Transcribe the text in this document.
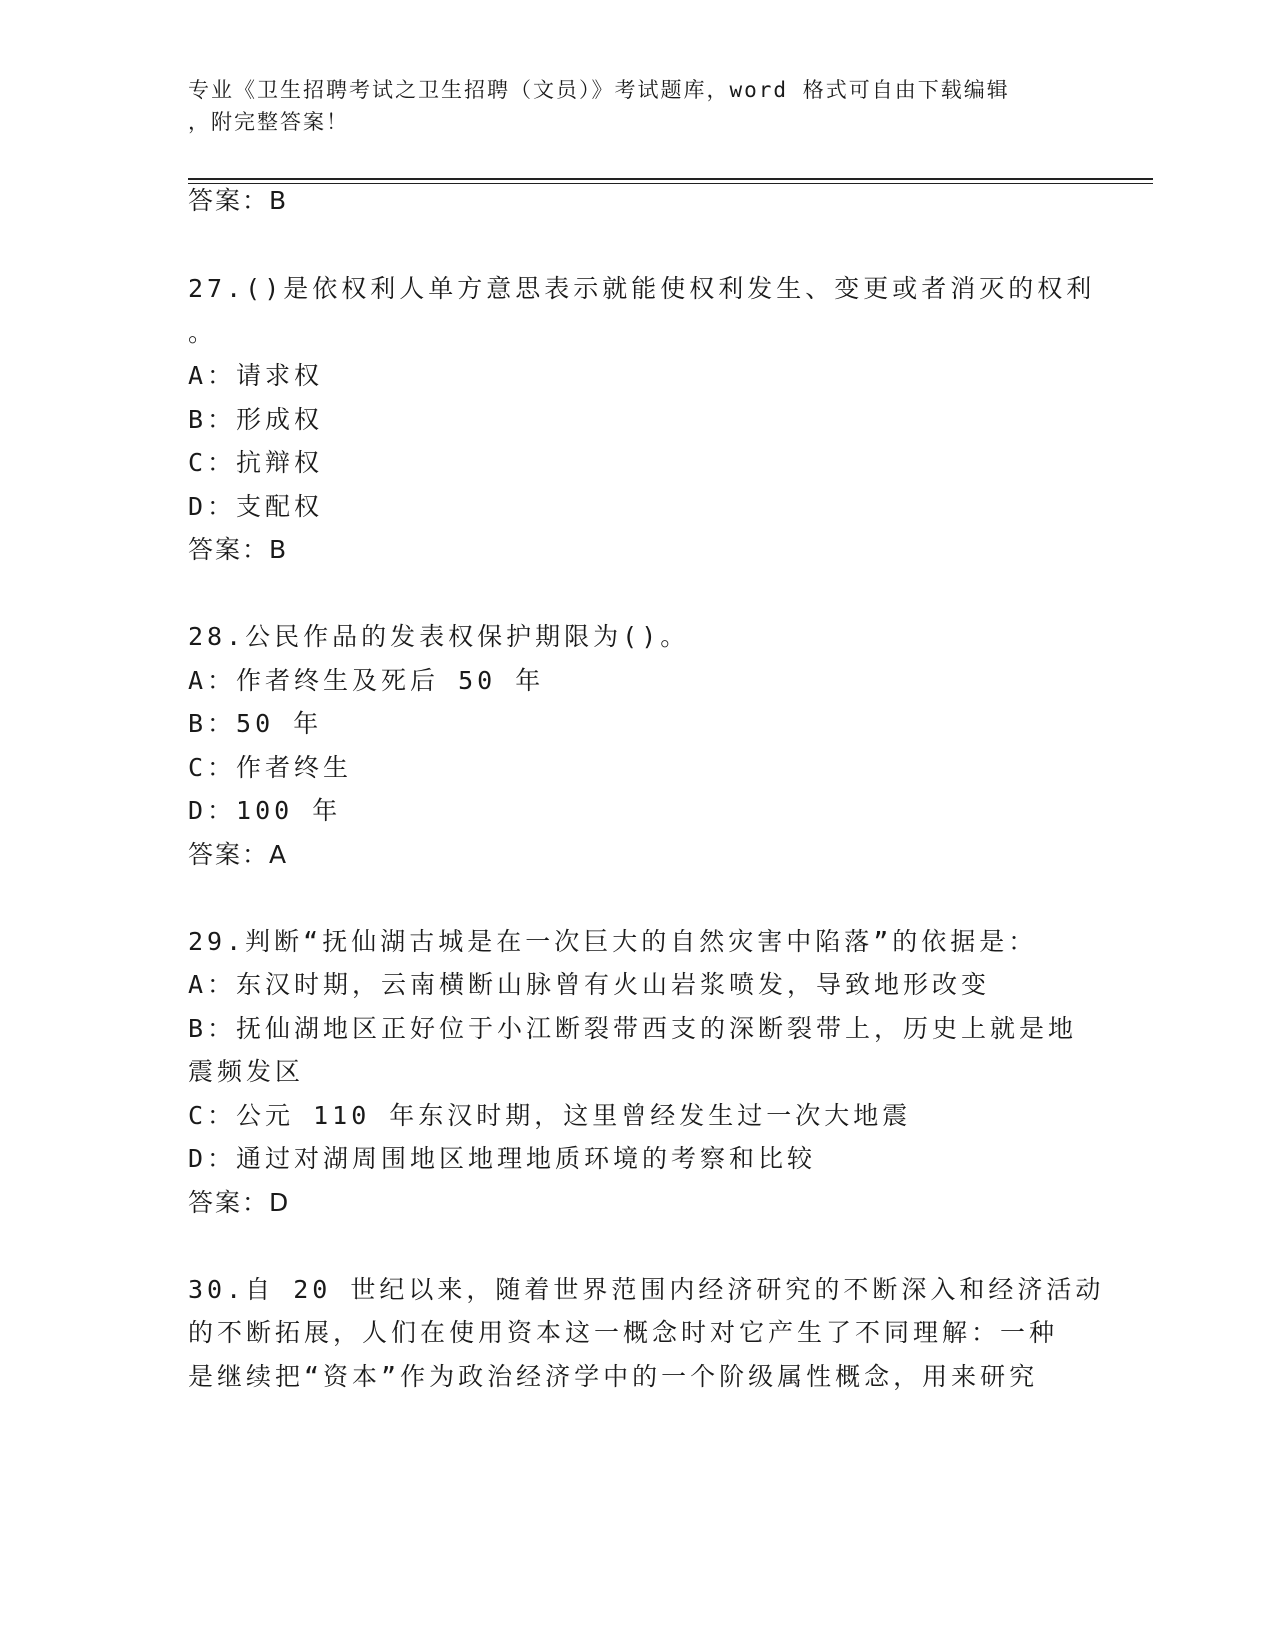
专业《卫生招聘考试之卫生招聘（文员）》考试题库，word 格式可自由下载编辑
，附完整答案！
答案：B
27.()是依权利人单方意思表示就能使权利发生、变更或者消灭的权利
。
A：请求权
B：形成权
C：抗辩权
D：支配权
答案：B
28.公民作品的发表权保护期限为()。
A：作者终生及死后 50 年
B：50 年
C：作者终生
D：100 年
答案：A
29.判断“抚仙湖古城是在一次巨大的自然灾害中陷落”的依据是：
A：东汉时期，云南横断山脉曾有火山岩浆喷发，导致地形改变
B：抚仙湖地区正好位于小江断裂带西支的深断裂带上，历史上就是地
震频发区
C：公元 110 年东汉时期，这里曾经发生过一次大地震
D：通过对湖周围地区地理地质环境的考察和比较
答案：D
30.自 20 世纪以来，随着世界范围内经济研究的不断深入和经济活动
的不断拓展，人们在使用资本这一概念时对它产生了不同理解：一种
是继续把“资本”作为政治经济学中的一个阶级属性概念，用来研究
